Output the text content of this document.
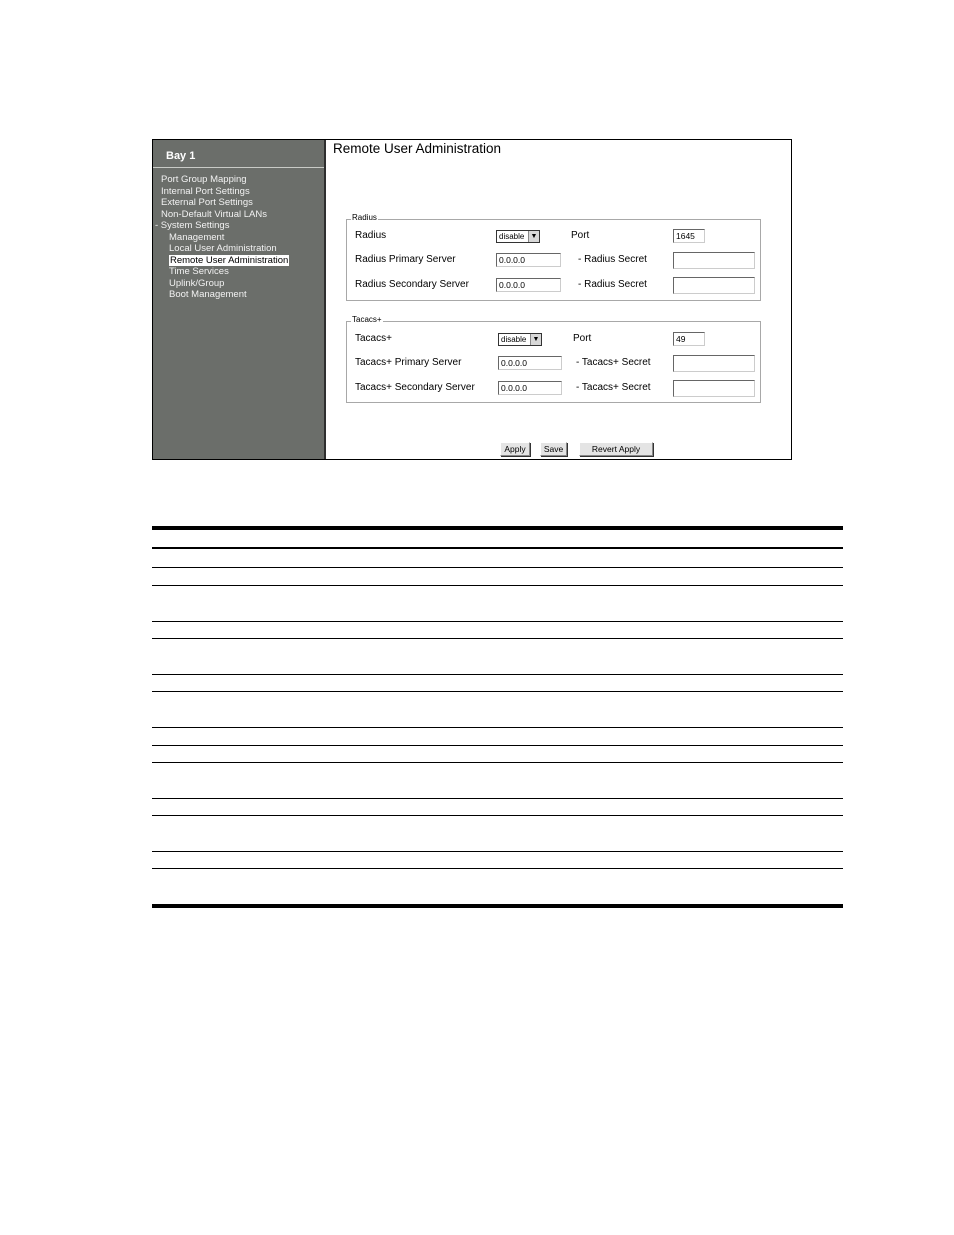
Bay 1
Port Group Mapping
Internal Port Settings
External Port Settings
Non-Default Virtual LANs
- System Settings
Management
Local User Administration
Remote User Administration
Time Services
Uplink/Group
Boot Management
Remote User Administration
Radius
Radius	disable ▼	Port	1645
Radius Primary Server	0.0.0.0	- Radius Secret
Radius Secondary Server	0.0.0.0	- Radius Secret
Tacacs+
Tacacs+	disable ▼	Port	49
Tacacs+ Primary Server	0.0.0.0	- Tacacs+ Secret
Tacacs+ Secondary Server	0.0.0.0	- Tacacs+ Secret
Apply	Save	Revert Apply
